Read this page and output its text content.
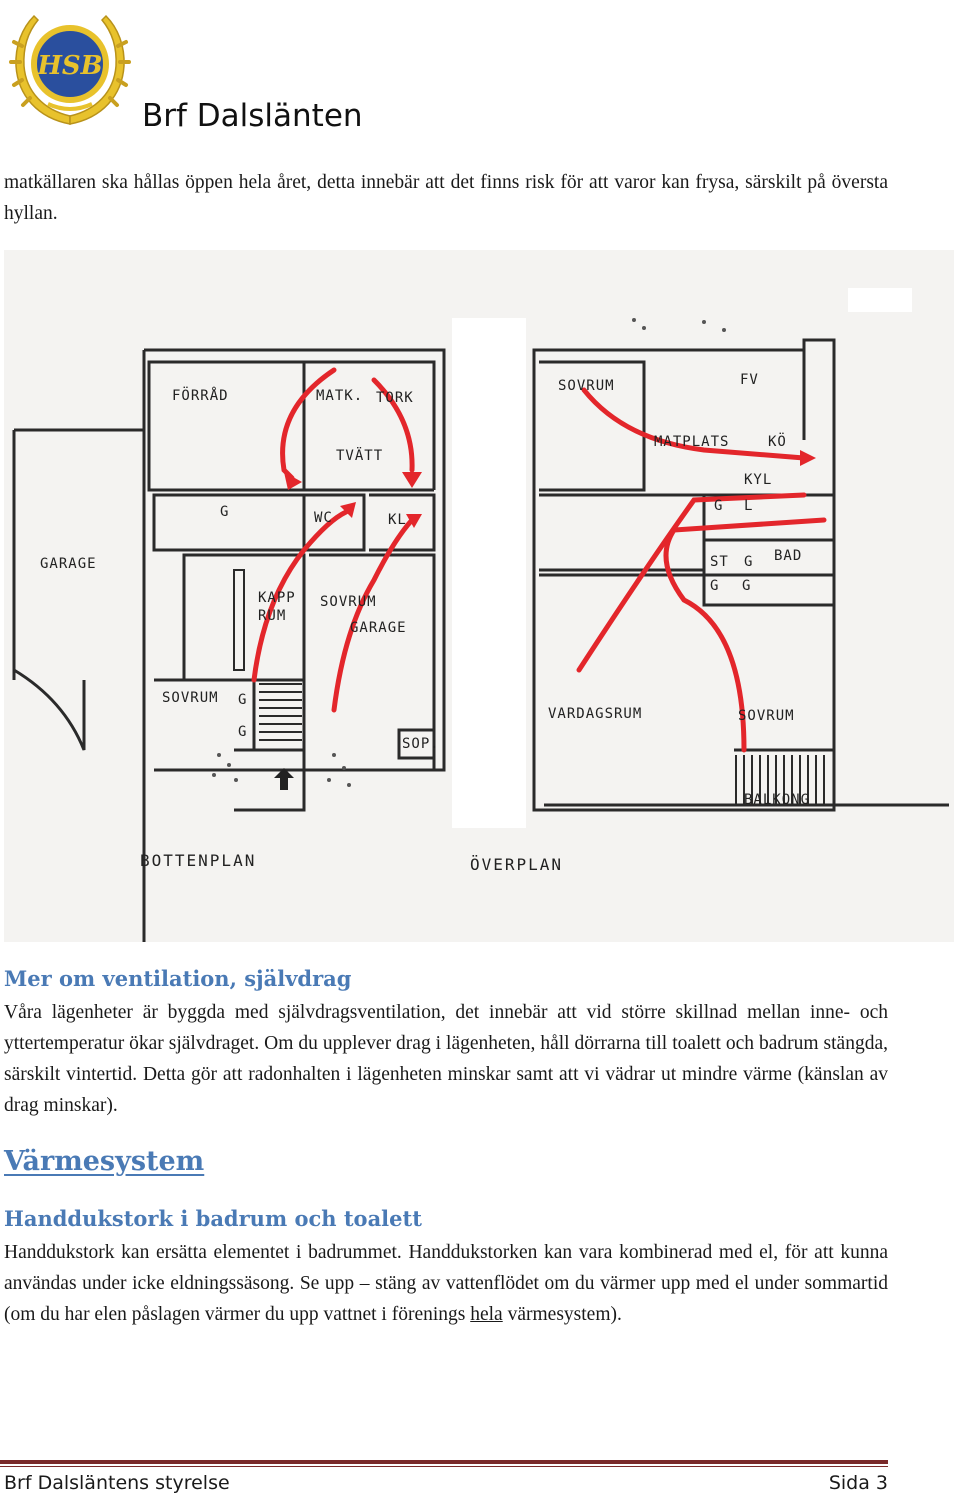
HSB
Brf Dalslänten

matkällaren ska hållas öppen hela året, detta innebär att det finns risk för att varor kan frysa, särskilt på översta hyllan.

FÖRRÅD	MATK. TORK
TVÄTT
WC	KL
GARAGE
G
KAPP
RUM
SOVRUM
GARAGE
SOVRUM G
G
SOP.
SOVRUM	FV
MATPLATS	KÖ
KYL
G L
ST G BAD
G G
VARDAGSRUM	SOVRUM
BALKONG
BOTTENPLAN	ÖVERPLAN
Mer om ventilation, självdrag

Våra lägenheter är byggda med självdragsventilation, det innebär att vid större skillnad mellan inne- och yttertemperatur ökar självdraget. Om du upplever drag i lägenheten, håll dörrarna till toalett och badrum stängda, särskilt vintertid. Detta gör att radonhalten i lägenheten minskar samt att vi vädrar ut mindre värme (känslan av drag minskar).

Värmesystem
Handdukstork i badrum och toalett

Handdukstork kan ersätta elementet i badrummet. Handdukstorken kan vara kombinerad med el, för att kunna användas under icke eldningssäsong. Se upp – stäng av vattenflödet om du värmer upp med el under sommartid (om du har elen påslagen värmer du upp vattnet i förenings hela värmesystem).

Brf Dalsläntens styrelse	Sida 3
